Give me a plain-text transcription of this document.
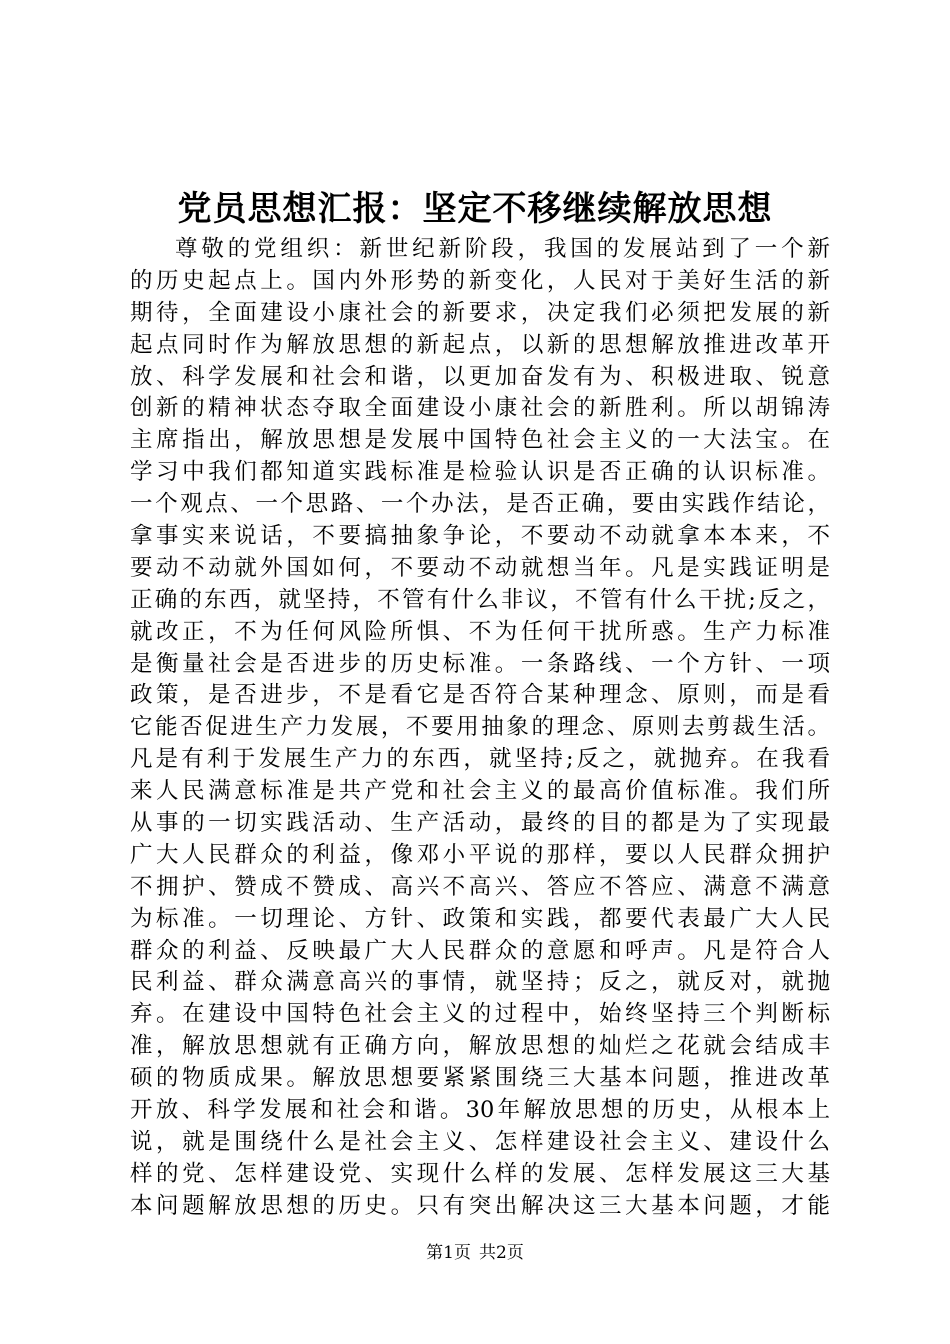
党员思想汇报：坚定不移继续解放思想
尊敬的党组织：新世纪新阶段，我国的发展站到了一个新
的历史起点上。国内外形势的新变化，人民对于美好生活的新
期待，全面建设小康社会的新要求，决定我们必须把发展的新
起点同时作为解放思想的新起点，以新的思想解放推进改革开
放、科学发展和社会和谐，以更加奋发有为、积极进取、锐意
创新的精神状态夺取全面建设小康社会的新胜利。所以胡锦涛
主席指出，解放思想是发展中国特色社会主义的一大法宝。在
学习中我们都知道实践标准是检验认识是否正确的认识标准。
一个观点、一个思路、一个办法，是否正确，要由实践作结论，
拿事实来说话，不要搞抽象争论，不要动不动就拿本本来，不
要动不动就外国如何，不要动不动就想当年。凡是实践证明是
正确的东西，就坚持，不管有什么非议，不管有什么干扰;反之，
就改正，不为任何风险所惧、不为任何干扰所惑。生产力标准
是衡量社会是否进步的历史标准。一条路线、一个方针、一项
政策，是否进步，不是看它是否符合某种理念、原则，而是看
它能否促进生产力发展，不要用抽象的理念、原则去剪裁生活。
凡是有利于发展生产力的东西，就坚持;反之，就抛弃。在我看
来人民满意标准是共产党和社会主义的最高价值标准。我们所
从事的一切实践活动、生产活动，最终的目的都是为了实现最
广大人民群众的利益，像邓小平说的那样，要以人民群众拥护
不拥护、赞成不赞成、高兴不高兴、答应不答应、满意不满意
为标准。一切理论、方针、政策和实践，都要代表最广大人民
群众的利益、反映最广大人民群众的意愿和呼声。凡是符合人
民利益、群众满意高兴的事情，就坚持；反之，就反对，就抛
弃。在建设中国特色社会主义的过程中，始终坚持三个判断标
准，解放思想就有正确方向，解放思想的灿烂之花就会结成丰
硕的物质成果。解放思想要紧紧围绕三大基本问题，推进改革
开放、科学发展和社会和谐。30年解放思想的历史，从根本上
说，就是围绕什么是社会主义、怎样建设社会主义、建设什么
样的党、怎样建设党、实现什么样的发展、怎样发展这三大基
本问题解放思想的历史。只有突出解决这三大基本问题，才能
第1页 共2页
